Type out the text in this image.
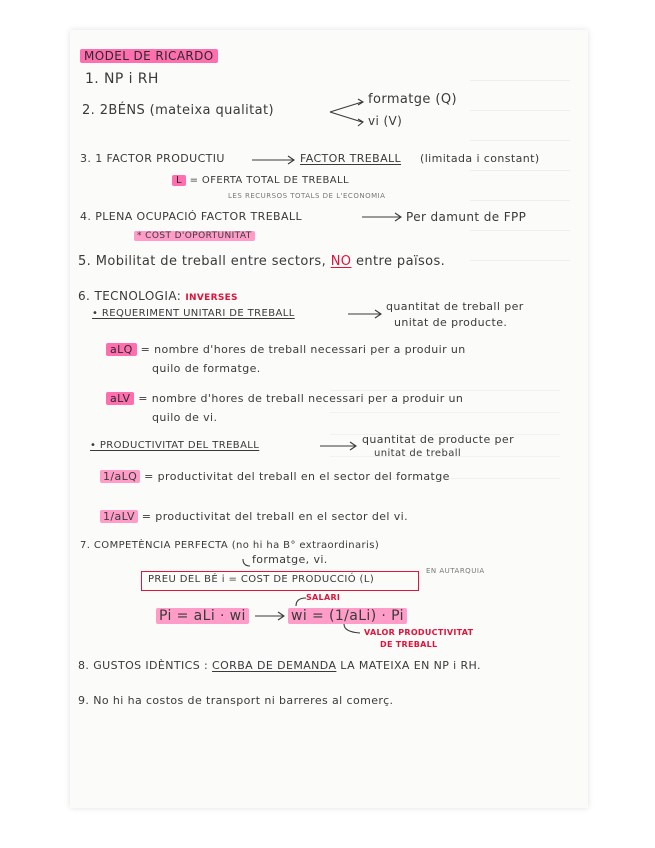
MODEL DE RICARDO
1. NP i RH
2. 2BÉNS (mateixa qualitat)
formatge (Q)
vi (V)
3. 1 FACTOR PRODUCTIU	FACTOR TREBALL (limitada i constant)
L = OFERTA TOTAL DE TREBALL
LES RECURSOS TOTALS DE L'ECONOMIA
4. PLENA OCUPACIÓ FACTOR TREBALL	Per damunt de FPP
* COST D'OPORTUNITAT
5. Mobilitat de treball entre sectors, NO entre països.
6. TECNOLOGIA: INVERSES
• REQUERIMENT UNITARI DE TREBALL
quantitat de treball per
unitat de producte.
aLQ = nombre d'hores de treball necessari per a produir un
quilo de formatge.
aLV = nombre d'hores de treball necessari per a produir un
quilo de vi.
• PRODUCTIVITAT DEL TREBALL	quantitat de producte per
unitat de treball
1/aLQ = productivitat del treball en el sector del formatge
1/aLV = productivitat del treball en el sector del vi.
7. COMPETÈNCIA PERFECTA (no hi ha B° extraordinaris)
formatge, vi.
PREU DEL BÉ i = COST DE PRODUCCIÓ (L)
EN AUTARQUIA
SALARI
Pi = aLi · wi	wi = (1/aLi) · Pi
VALOR PRODUCTIVITAT
DE TREBALL
8. GUSTOS IDÈNTICS : CORBA DE DEMANDA LA MATEIXA EN NP i RH.
9. No hi ha costos de transport ni barreres al comerç.
